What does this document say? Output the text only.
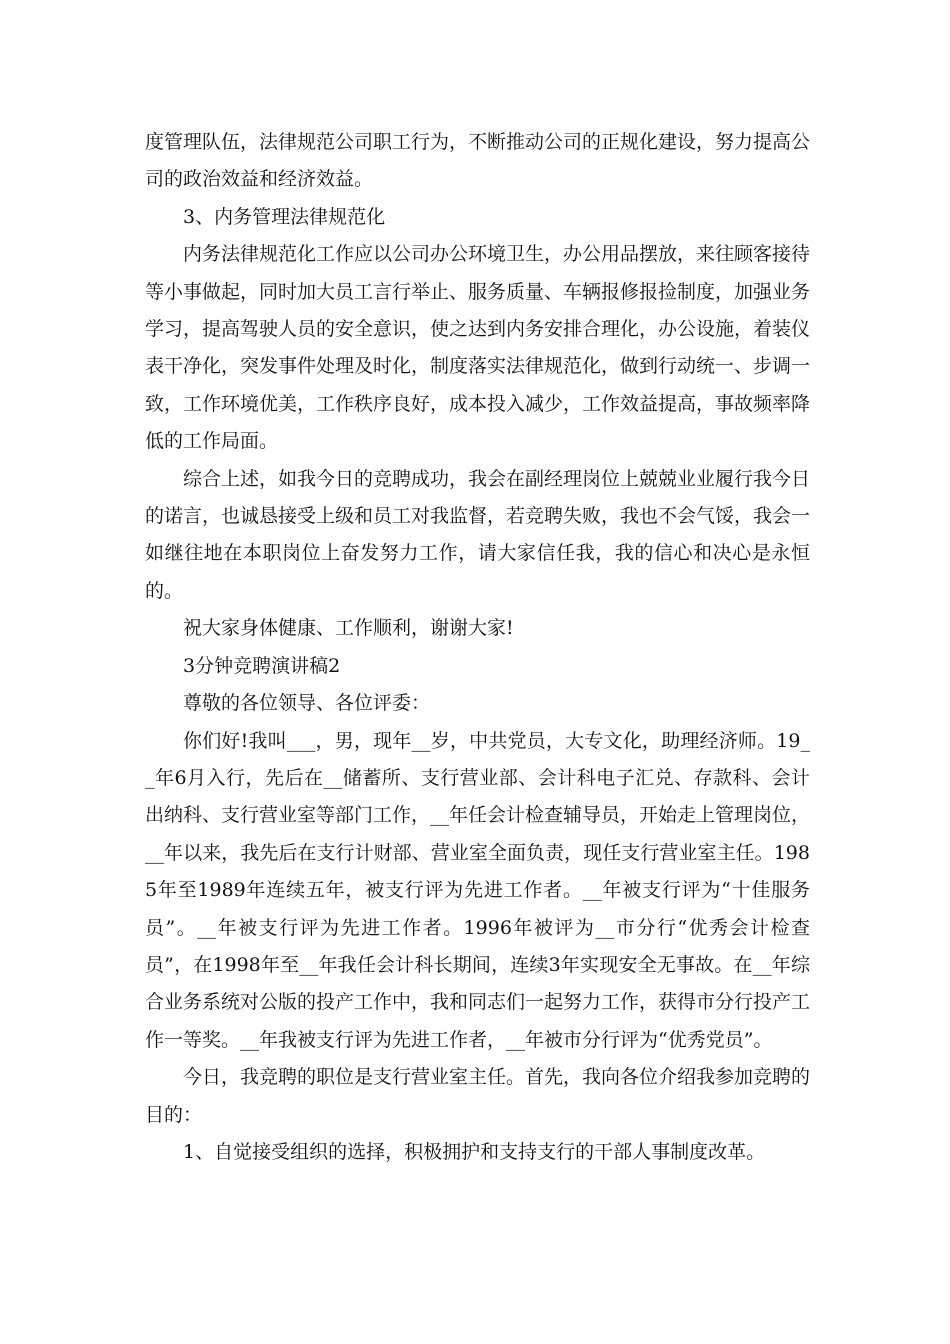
度管理队伍，法律规范公司职工行为，不断推动公司的正规化建设，努力提高公司的政治效益和经济效益。

3、内务管理法律规范化

内务法律规范化工作应以公司办公环境卫生，办公用品摆放，来往顾客接待等小事做起，同时加大员工言行举止、服务质量、车辆报修报捡制度，加强业务学习，提高驾驶人员的安全意识，使之达到内务安排合理化，办公设施，着装仪表干净化，突发事件处理及时化，制度落实法律规范化，做到行动统一、步调一致，工作环境优美，工作秩序良好，成本投入减少，工作效益提高，事故频率降低的工作局面。

综合上述，如我今日的竞聘成功，我会在副经理岗位上兢兢业业履行我今日的诺言，也诚恳接受上级和员工对我监督，若竞聘失败，我也不会气馁，我会一如继往地在本职岗位上奋发努力工作，请大家信任我，我的信心和决心是永恒的。

祝大家身体健康、工作顺利，谢谢大家!

3分钟竞聘演讲稿2

尊敬的各位领导、各位评委：

你们好!我叫___，男，现年__岁，中共党员，大专文化，助理经济师。19__年6月入行，先后在__储蓄所、支行营业部、会计科电子汇兑、存款科、会计出纳科、支行营业室等部门工作，__年任会计检查辅导员，开始走上管理岗位，__年以来，我先后在支行计财部、营业室全面负责，现任支行营业室主任。1985年至1989年连续五年，被支行评为先进工作者。__年被支行评为“十佳服务员”。__年被支行评为先进工作者。1996年被评为__市分行“优秀会计检查员”，在1998年至__年我任会计科长期间，连续3年实现安全无事故。在__年综合业务系统对公版的投产工作中，我和同志们一起努力工作，获得市分行投产工作一等奖。__年我被支行评为先进工作者，__年被市分行评为“优秀党员”。

今日，我竞聘的职位是支行营业室主任。首先，我向各位介绍我参加竞聘的目的：

1、自觉接受组织的选择，积极拥护和支持支行的干部人事制度改革。
